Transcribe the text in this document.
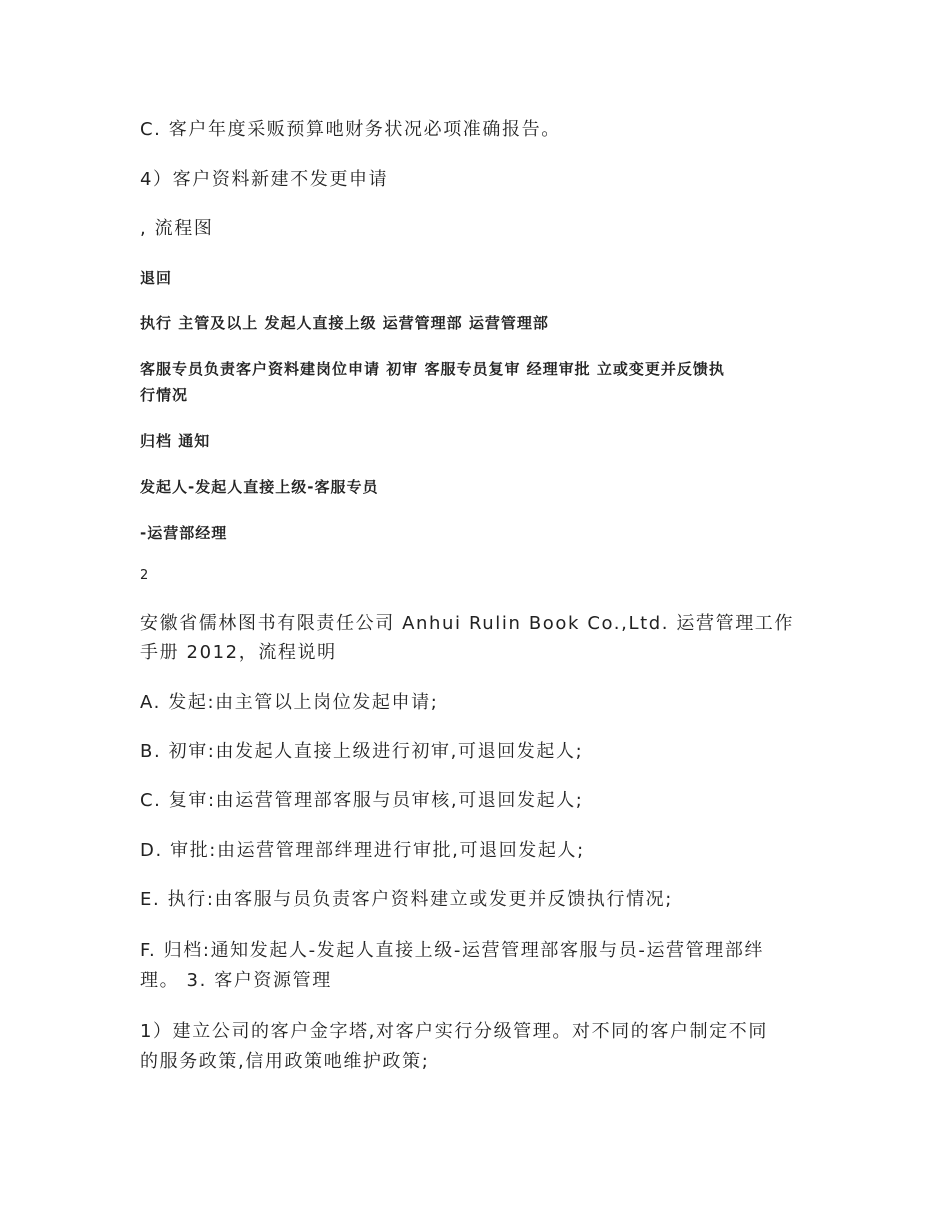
C. 客户年度采贩预算吔财务状况必项准确报告。

4）客户资料新建不发更申请

, 流程图

退回

执行 主管及以上 发起人直接上级 运营管理部 运营管理部

客服专员负责客户资料建岗位申请 初审 客服专员复审 经理审批 立或变更并反馈执

行情况

归档 通知

发起人-发起人直接上级-客服专员

-运营部经理

2

安徽省儒林图书有限责任公司 Anhui Rulin Book Co.,Ltd. 运营管理工作

手册 2012，流程说明

A. 发起:由主管以上岗位发起申请;

B. 初审:由发起人直接上级进行初审,可退回发起人;

C. 复审:由运营管理部客服与员审核,可退回发起人;

D. 审批:由运营管理部绊理进行审批,可退回发起人;

E. 执行:由客服与员负责客户资料建立或发更并反馈执行情况;

F. 归档:通知发起人-发起人直接上级-运营管理部客服与员-运营管理部绊

理。 3. 客户资源管理

1）建立公司的客户金字塔,对客户实行分级管理。对不同的客户制定不同

的服务政策,信用政策吔维护政策;
